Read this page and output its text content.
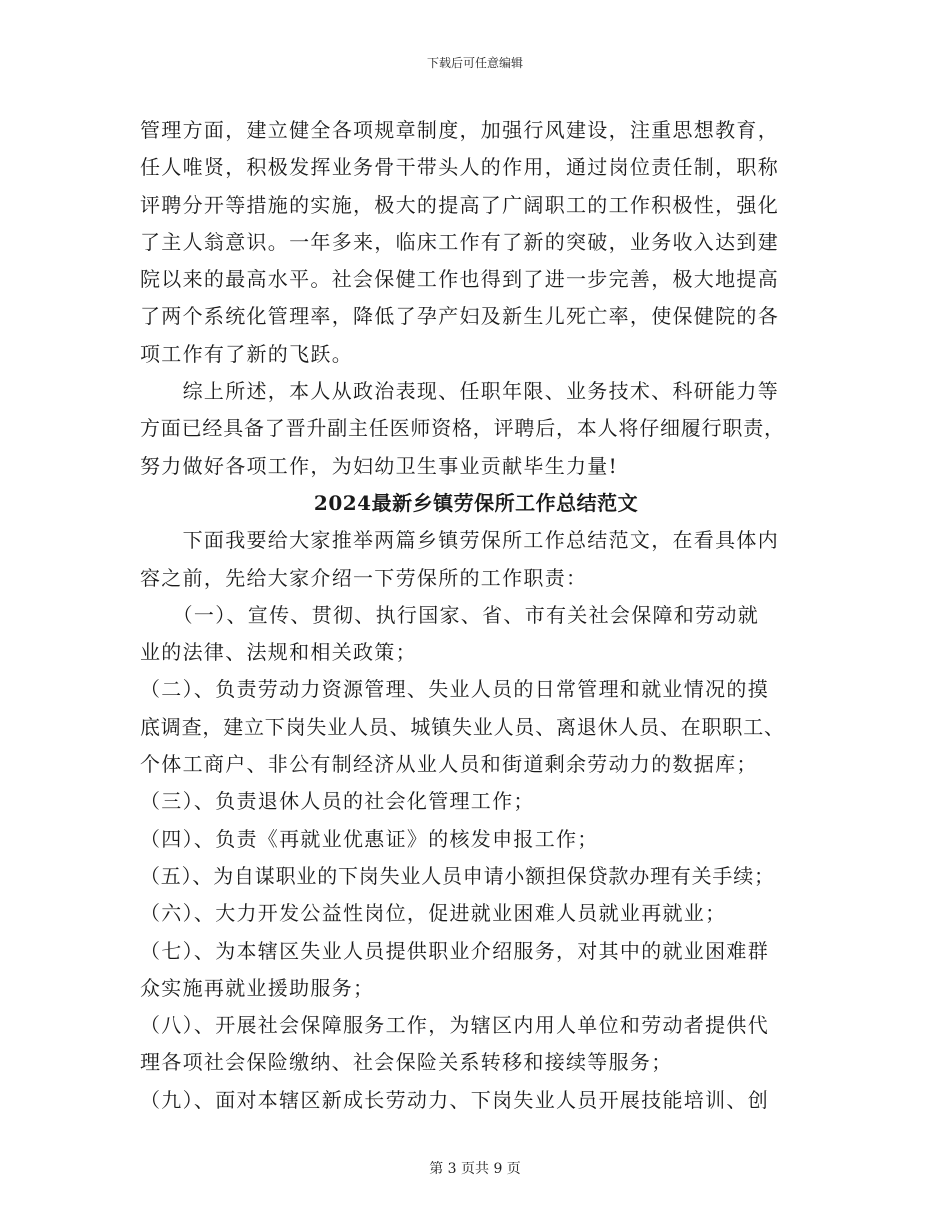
下载后可任意编辑
管理方面，建立健全各项规章制度，加强行风建设，注重思想教育，
任人唯贤，积极发挥业务骨干带头人的作用，通过岗位责任制，职称
评聘分开等措施的实施，极大的提高了广阔职工的工作积极性，强化
了主人翁意识。一年多来，临床工作有了新的突破，业务收入达到建
院以来的最高水平。社会保健工作也得到了进一步完善，极大地提高
了两个系统化管理率，降低了孕产妇及新生儿死亡率，使保健院的各
项工作有了新的飞跃。
　　综上所述，本人从政治表现、任职年限、业务技术、科研能力等
方面已经具备了晋升副主任医师资格，评聘后，本人将仔细履行职责，
努力做好各项工作，为妇幼卫生事业贡献毕生力量!
2024最新乡镇劳保所工作总结范文
　　下面我要给大家推举两篇乡镇劳保所工作总结范文，在看具体内
容之前，先给大家介绍一下劳保所的工作职责：
　　（一）、宣传、贯彻、执行国家、省、市有关社会保障和劳动就
业的法律、法规和相关政策；
（二）、负责劳动力资源管理、失业人员的日常管理和就业情况的摸
底调查，建立下岗失业人员、城镇失业人员、离退休人员、在职职工、
个体工商户、非公有制经济从业人员和街道剩余劳动力的数据库；
（三）、负责退休人员的社会化管理工作；
（四）、负责《再就业优惠证》的核发申报工作；
（五）、为自谋职业的下岗失业人员申请小额担保贷款办理有关手续；
（六）、大力开发公益性岗位，促进就业困难人员就业再就业；
（七）、为本辖区失业人员提供职业介绍服务，对其中的就业困难群
众实施再就业援助服务；
（八）、开展社会保障服务工作，为辖区内用人单位和劳动者提供代
理各项社会保险缴纳、社会保险关系转移和接续等服务；
（九）、面对本辖区新成长劳动力、下岗失业人员开展技能培训、创
第 3 页共 9 页
